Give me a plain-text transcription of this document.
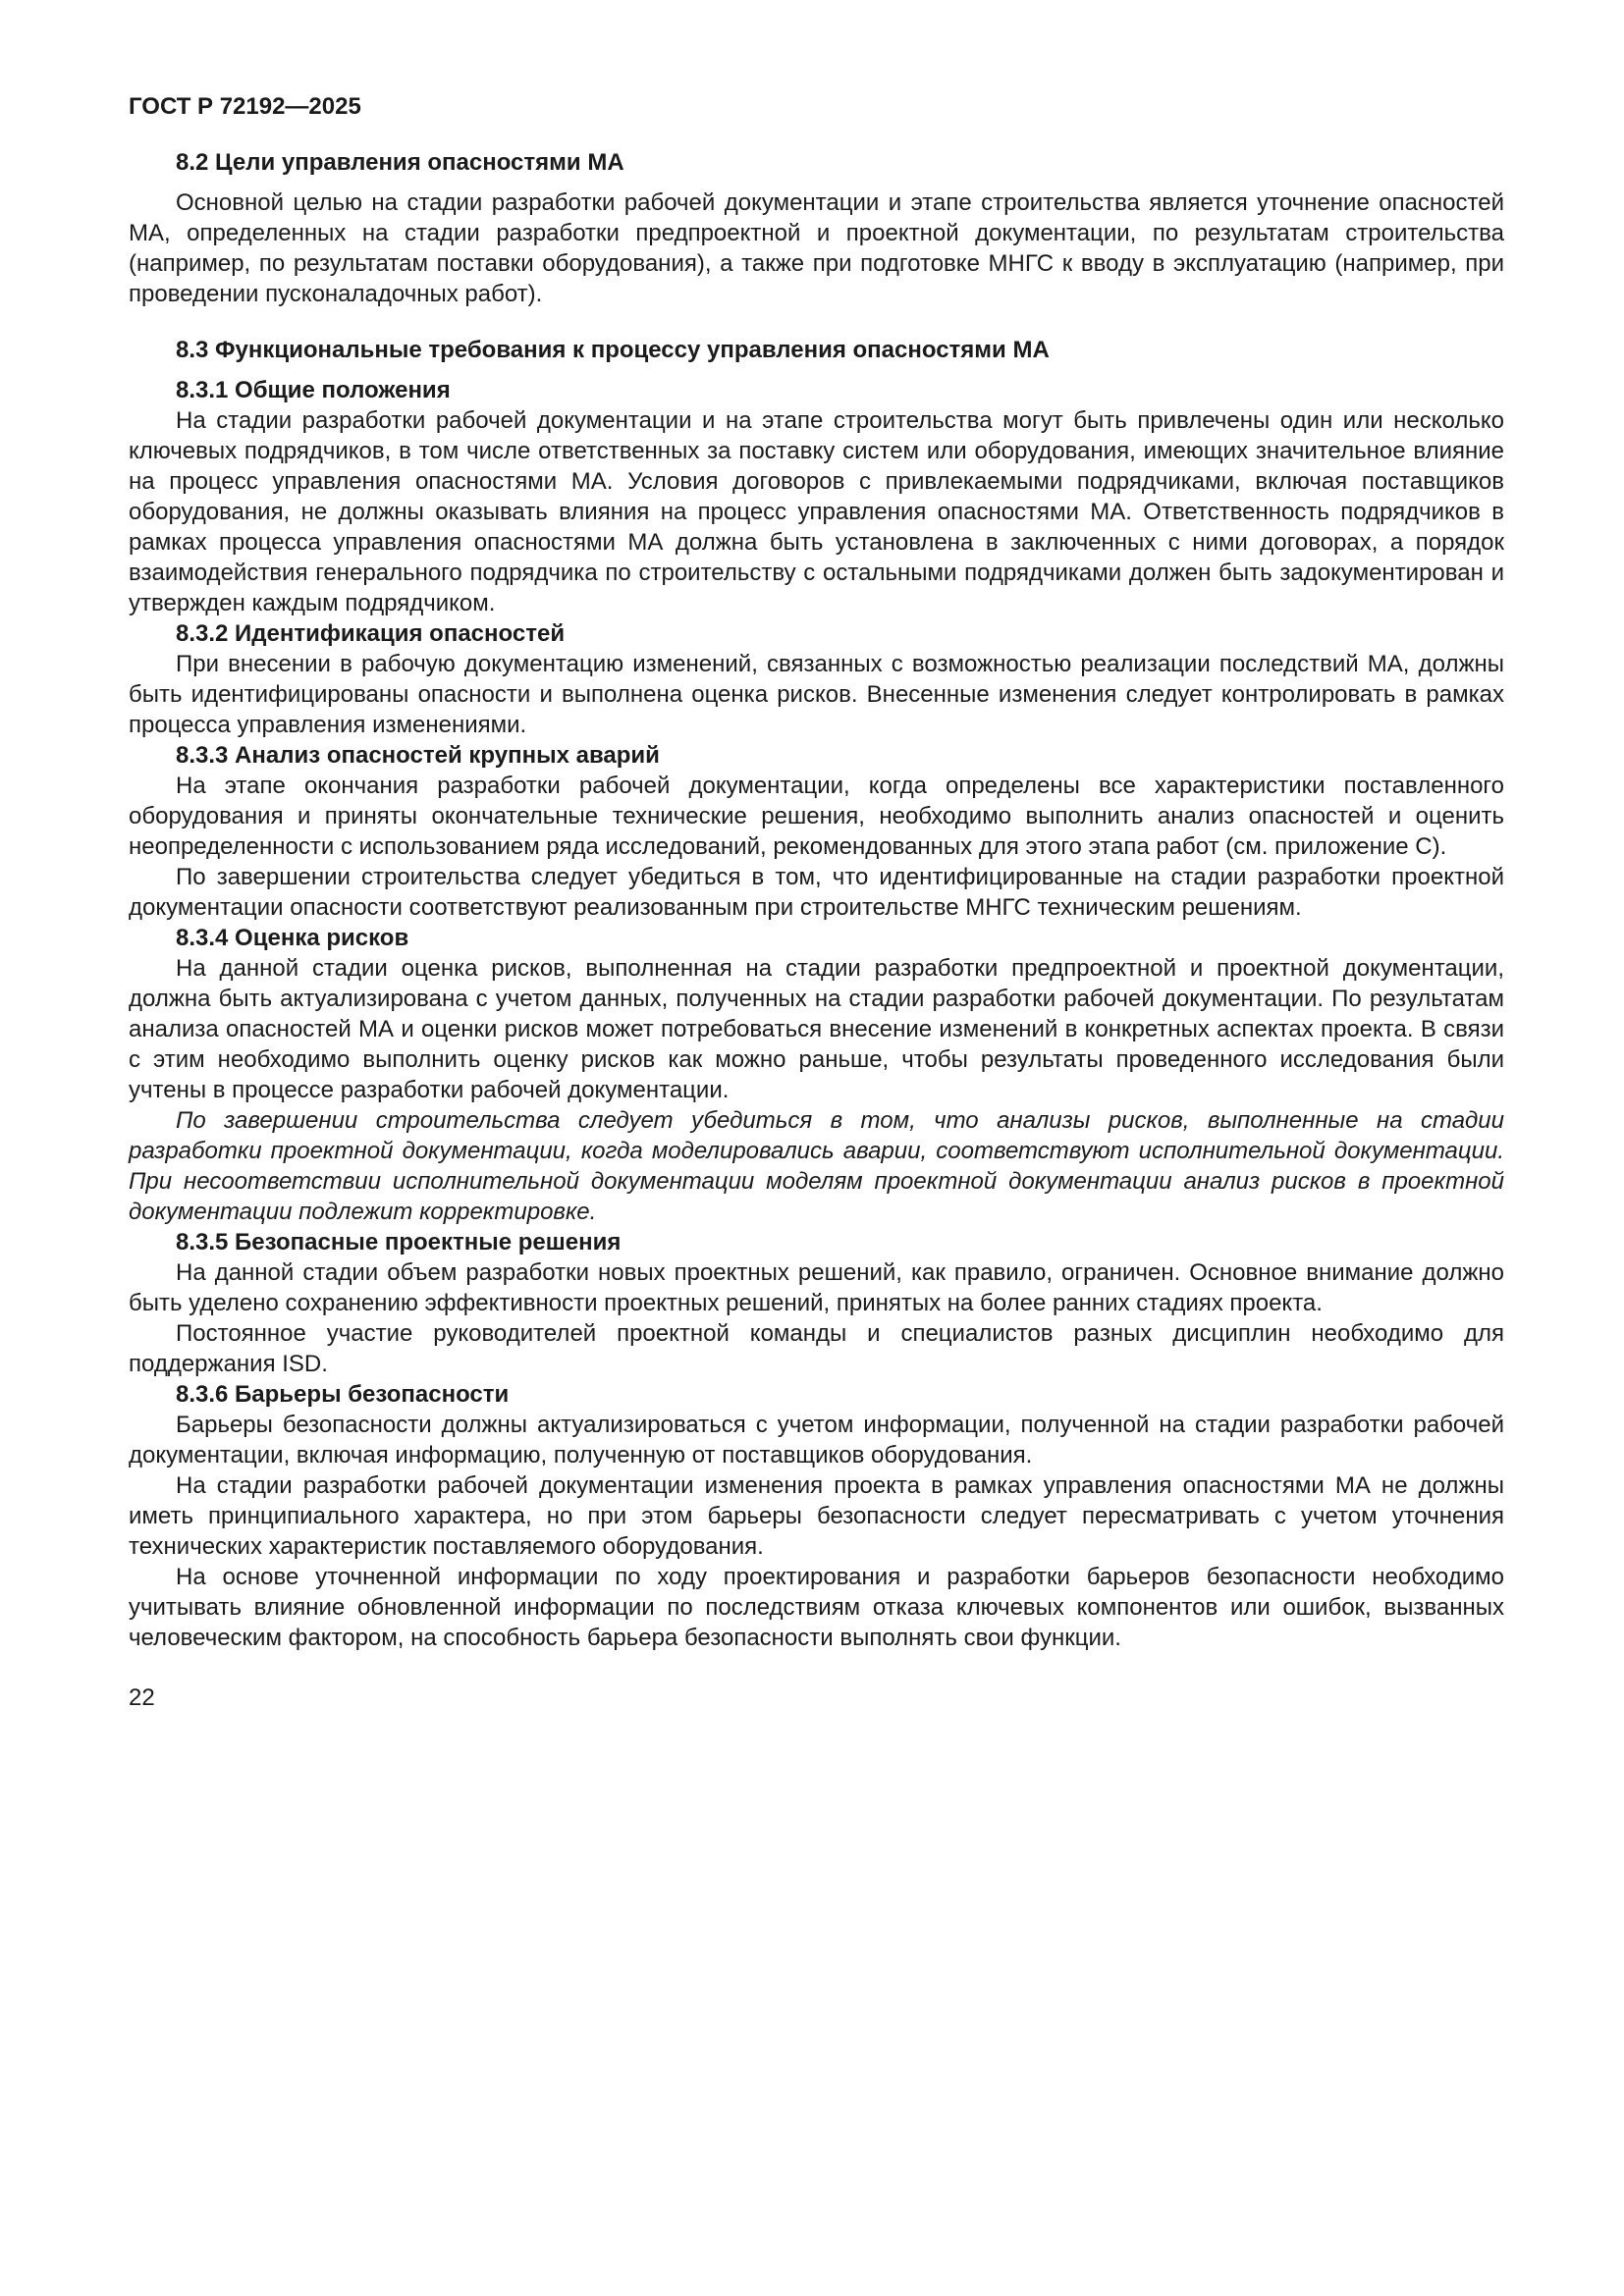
ГОСТ Р 72192—2025
8.2 Цели управления опасностями МА

Основной целью на стадии разработки рабочей документации и этапе строительства является уточнение опасностей МА, определенных на стадии разработки предпроектной и проектной документации, по результатам строительства (например, по результатам поставки оборудования), а также при подготовке МНГС к вводу в эксплуатацию (например, при проведении пусконаладочных работ).

8.3 Функциональные требования к процессу управления опасностями МА
8.3.1 Общие положения

На стадии разработки рабочей документации и на этапе строительства могут быть привлечены один или несколько ключевых подрядчиков, в том числе ответственных за поставку систем или оборудования, имеющих значительное влияние на процесс управления опасностями МА. Условия договоров с привлекаемыми подрядчиками, включая поставщиков оборудования, не должны оказывать влияния на процесс управления опасностями МА. Ответственность подрядчиков в рамках процесса управления опасностями МА должна быть установлена в заключенных с ними договорах, а порядок взаимодействия генерального подрядчика по строительству с остальными подрядчиками должен быть задокументирован и утвержден каждым подрядчиком.

8.3.2 Идентификация опасностей

При внесении в рабочую документацию изменений, связанных с возможностью реализации последствий МА, должны быть идентифицированы опасности и выполнена оценка рисков. Внесенные изменения следует контролировать в рамках процесса управления изменениями.

8.3.3 Анализ опасностей крупных аварий

На этапе окончания разработки рабочей документации, когда определены все характеристики поставленного оборудования и приняты окончательные технические решения, необходимо выполнить анализ опасностей и оценить неопределенности с использованием ряда исследований, рекомендованных для этого этапа работ (см. приложение С).

По завершении строительства следует убедиться в том, что идентифицированные на стадии разработки проектной документации опасности соответствуют реализованным при строительстве МНГС техническим решениям.

8.3.4 Оценка рисков

На данной стадии оценка рисков, выполненная на стадии разработки предпроектной и проектной документации, должна быть актуализирована с учетом данных, полученных на стадии разработки рабочей документации. По результатам анализа опасностей МА и оценки рисков может потребоваться внесение изменений в конкретных аспектах проекта. В связи с этим необходимо выполнить оценку рисков как можно раньше, чтобы результаты проведенного исследования были учтены в процессе разработки рабочей документации.

По завершении строительства следует убедиться в том, что анализы рисков, выполненные на стадии разработки проектной документации, когда моделировались аварии, соответствуют исполнительной документации. При несоответствии исполнительной документации моделям проектной документации анализ рисков в проектной документации подлежит корректировке.

8.3.5 Безопасные проектные решения

На данной стадии объем разработки новых проектных решений, как правило, ограничен. Основное внимание должно быть уделено сохранению эффективности проектных решений, принятых на более ранних стадиях проекта.

Постоянное участие руководителей проектной команды и специалистов разных дисциплин необходимо для поддержания ISD.

8.3.6 Барьеры безопасности

Барьеры безопасности должны актуализироваться с учетом информации, полученной на стадии разработки рабочей документации, включая информацию, полученную от поставщиков оборудования.

На стадии разработки рабочей документации изменения проекта в рамках управления опасностями МА не должны иметь принципиального характера, но при этом барьеры безопасности следует пересматривать с учетом уточнения технических характеристик поставляемого оборудования.

На основе уточненной информации по ходу проектирования и разработки барьеров безопасности необходимо учитывать влияние обновленной информации по последствиям отказа ключевых компонентов или ошибок, вызванных человеческим фактором, на способность барьера безопасности выполнять свои функции.

22
